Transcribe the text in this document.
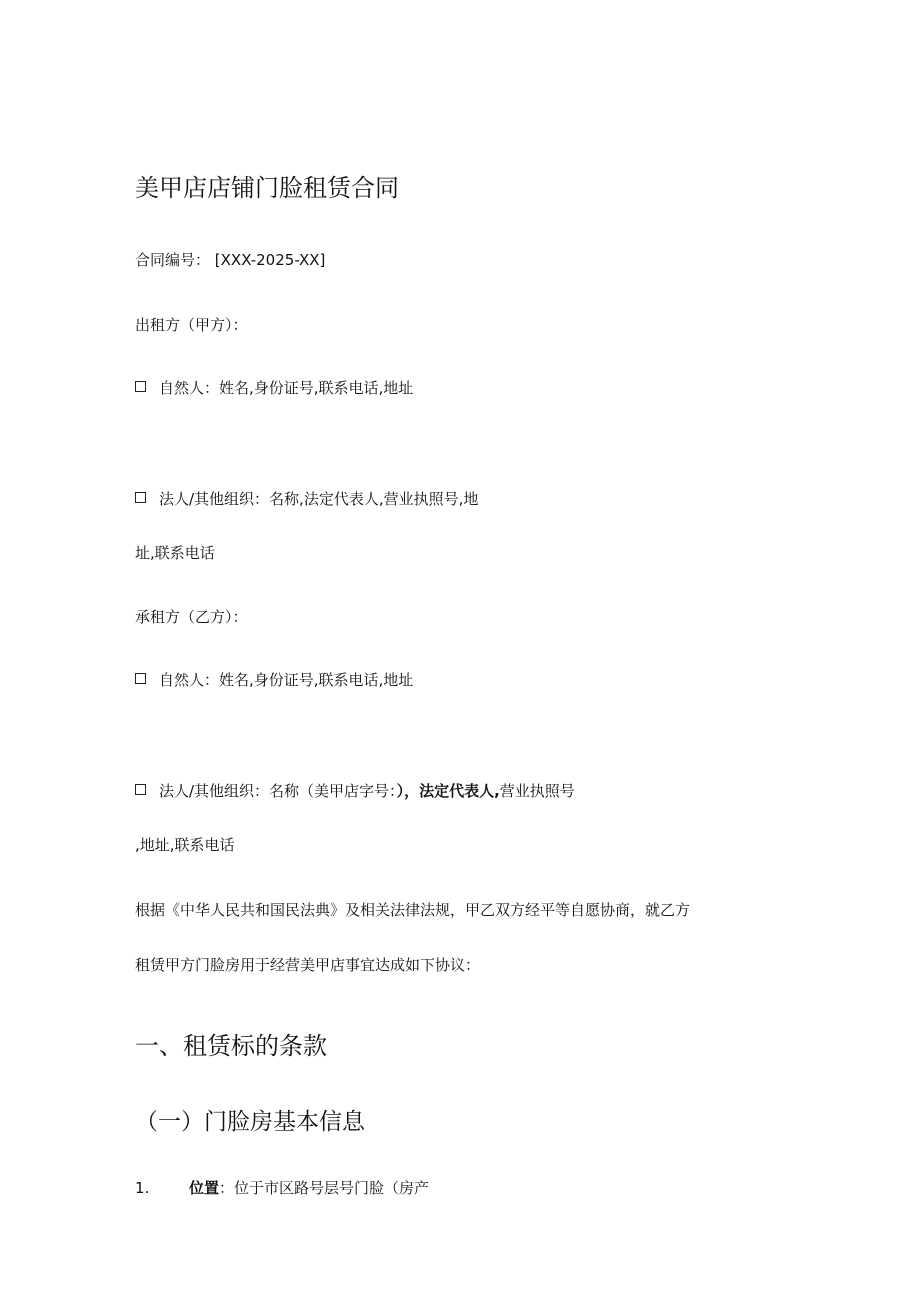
美甲店店铺门脸租赁合同
合同编号： [XXX-2025-XX]
出租方（甲方）：
自然人：姓名,身份证号,联系电话,地址
法人/其他组织：名称,法定代表人,营业执照号,地
址,联系电话
承租方（乙方）：
自然人：姓名,身份证号,联系电话,地址
法人/其他组织：名称（美甲店字号：），法定代表人,营业执照号
,地址,联系电话
根据《中华人民共和国民法典》及相关法律法规，甲乙双方经平等自愿协商，就乙方
租赁甲方门脸房用于经营美甲店事宜达成如下协议：
一、租赁标的条款
（一）门脸房基本信息
1.	位置：位于市区路号层号门脸（房产
